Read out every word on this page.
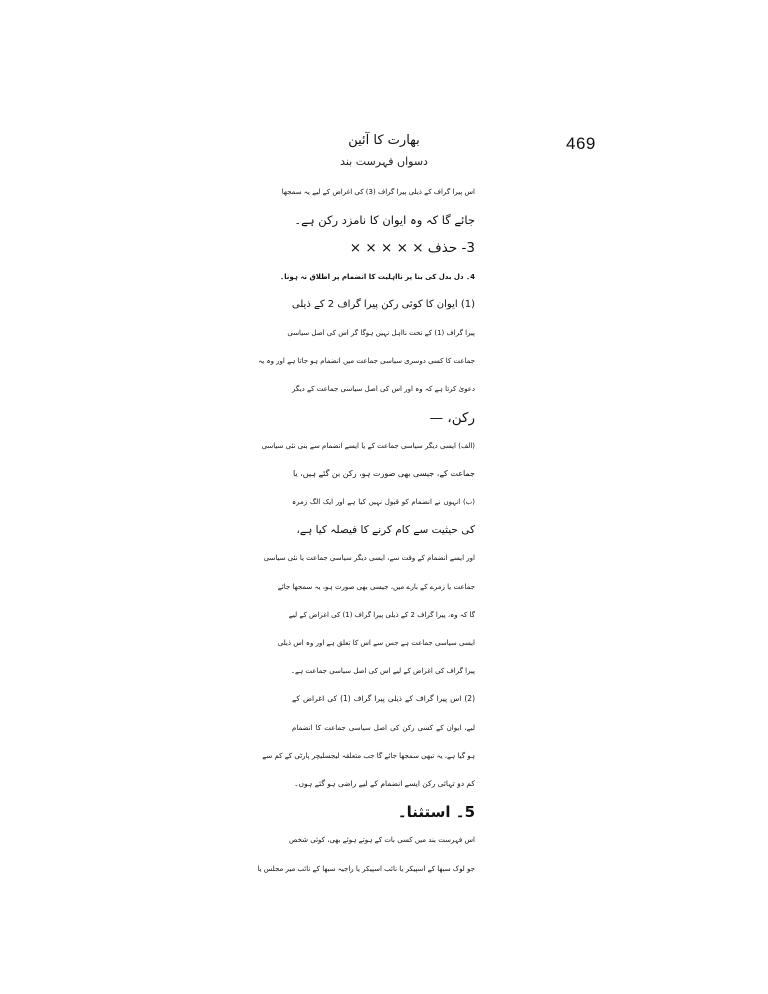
469
بھارت کا آئین
دسواں فہرست بند
اس پیرا گراف کے ذیلی پیرا گراف (3) کی اغراض کے لیے یہ سمجھا
جائے گا کہ وہ ایوان کا نامزد رکن ہے۔
3- حذف × × × × ×
4۔ دل بدل کی بنا پر نااہلیت کا انضمام پر اطلاق نہ ہونا۔
(1) ایوان کا کوئی رکن پیرا گراف 2 کے ذیلی
پیرا گراف (1) کے تحت نااہل نہیں ہوگا گر اس کی اصل سیاسی
جماعت کا کسی دوسری سیاسی جماعت میں انضمام ہو جاتا ہے اور وہ یہ
دعویٰ کرتا ہے کہ وہ اور اس کی اصل سیاسی جماعت کے دیگر
رکن، —
(الف) ایسی دیگر سیاسی جماعت کے یا ایسے انضمام سے بنی نئی سیاسی
جماعت کے، جیسی بھی صورت ہو، رکن بن گئے ہیں، یا
(ب) انہوں نے انضمام کو قبول نہیں کیا ہے اور ایک الگ زمرہ
کی حیثیت سے کام کرنے کا فیصلہ کیا ہے،
اور ایسے انضمام کے وقت سے، ایسی دیگر سیاسی جماعت یا نئی سیاسی
جماعت یا زمرے کے بارے میں، جیسی بھی صورت ہو، یہ سمجھا جائے
گا کہ وہ، پیرا گراف 2 کے ذیلی پیرا گراف (1) کی اغراض کے لیے
ایسی سیاسی جماعت ہے جس سے اس کا تعلق ہے اور وہ اس ذیلی
پیرا گراف کی اغراض کے لیے اس کی اصل سیاسی جماعت ہے۔
(2) اس پیرا گراف کے ذیلی پیرا گراف (1) کی اغراض کے
لیے، ایوان کے کسی رکن کی اصل سیاسی جماعت کا انضمام
ہو گیا ہے، یہ تبھی سمجھا جائے گا جب متعلقہ لیجسلیچر پارٹی کے کم سے
کم دو تہائی رکن ایسے انضمام کے لیے راضی ہو گئے ہوں۔
5۔ استثنا۔
اس فہرست بند میں کسی بات کے ہوتے ہوئے بھی، کوئی شخص
جو لوک سبھا کے اسپیکر یا نائب اسپیکر یا راجیہ سبھا کے نائب میر مجلس یا
